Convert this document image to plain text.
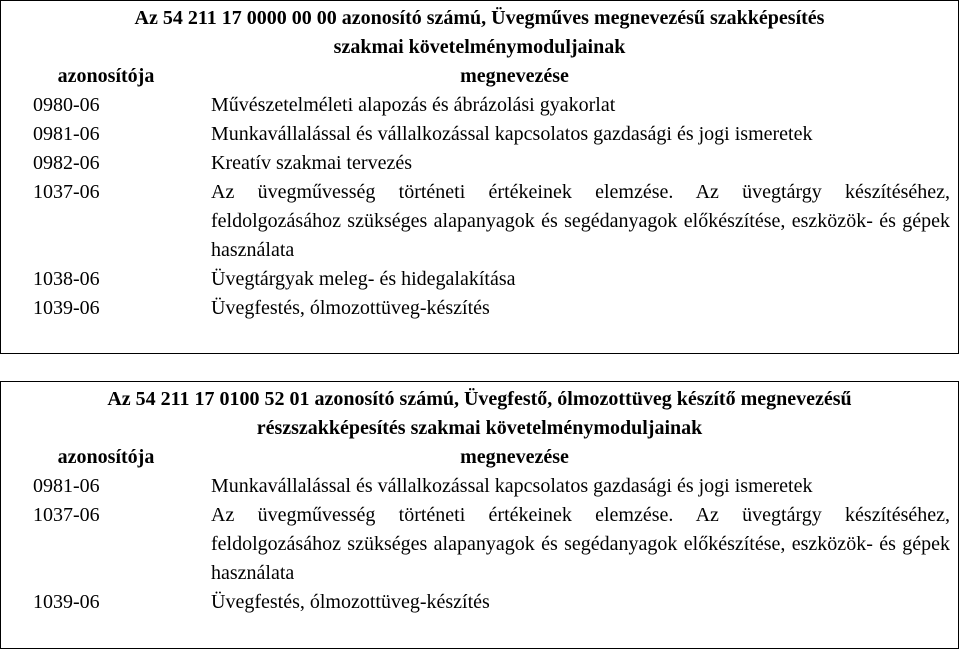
Az 54 211 17 0000 00 00 azonosító számú, Üvegműves megnevezésű szakképesítés
szakmai követelménymoduljainak
azonosítója	megnevezése
0980-06	Művészetelméleti alapozás és ábrázolási gyakorlat
0981-06	Munkavállalással és vállalkozással kapcsolatos gazdasági és jogi ismeretek
0982-06	Kreatív szakmai tervezés
1037-06	Az üvegművesség történeti értékeinek elemzése. Az üvegtárgy készítéséhez, feldolgozásához szükséges alapanyagok és segédanyagok előkészítése, eszközök- és gépek használata
1038-06	Üvegtárgyak meleg- és hidegalakítása
1039-06	Üvegfestés, ólmozottüveg-készítés
Az 54 211 17 0100 52 01 azonosító számú, Üvegfestő, ólmozottüveg készítő megnevezésű
részszakképesítés szakmai követelménymoduljainak
azonosítója	megnevezése
0981-06	Munkavállalással és vállalkozással kapcsolatos gazdasági és jogi ismeretek
1037-06	Az üvegművesség történeti értékeinek elemzése. Az üvegtárgy készítéséhez, feldolgozásához szükséges alapanyagok és segédanyagok előkészítése, eszközök- és gépek használata
1039-06	Üvegfestés, ólmozottüveg-készítés
